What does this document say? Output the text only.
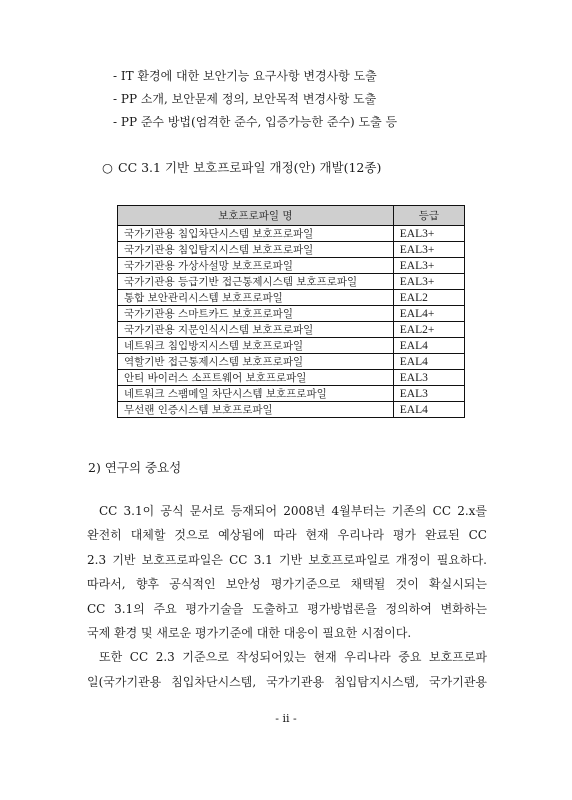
- IT 환경에 대한 보안기능 요구사항 변경사항 도출
- PP 소개, 보안문제 정의, 보안목적 변경사항 도출
- PP 준수 방법(엄격한 준수, 입증가능한 준수) 도출 등
○ CC 3.1 기반 보호프로파일 개정(안) 개발(12종)
보호프로파일 명	등급
국가기관용 침입차단시스템 보호프로파일	EAL3+
국가기관용 침입탐지시스템 보호프로파일	EAL3+
국가기관용 가상사설망 보호프로파일	EAL3+
국가기관용 등급기반 접근통제시스템 보호프로파일	EAL3+
통합 보안관리시스템 보호프로파일	EAL2
국가기관용 스마트카드 보호프로파일	EAL4+
국가기관용 지문인식시스템 보호프로파일	EAL2+
네트워크 침입방지시스템 보호프로파일	EAL4
역할기반 접근통제시스템 보호프로파일	EAL4
안티 바이러스 소프트웨어 보호프로파일	EAL3
네트워크 스팸메일 차단시스템 보호프로파일	EAL3
무선랜 인증시스템 보호프로파일	EAL4
2) 연구의 중요성
CC 3.1이 공식 문서로 등재되어 2008년 4월부터는 기존의 CC 2.x를
완전히 대체할 것으로 예상됨에 따라 현재 우리나라 평가 완료된 CC
2.3 기반 보호프로파일은 CC 3.1 기반 보호프로파일로 개정이 필요하다.
따라서, 향후 공식적인 보안성 평가기준으로 채택될 것이 확실시되는
CC 3.1의 주요 평가기술을 도출하고 평가방법론을 정의하여 변화하는
국제 환경 및 새로운 평가기준에 대한 대응이 필요한 시점이다.
또한 CC 2.3 기준으로 작성되어있는 현재 우리나라 중요 보호프로파
일(국가기관용 침입차단시스템, 국가기관용 침입탐지시스템, 국가기관용
- ii -
